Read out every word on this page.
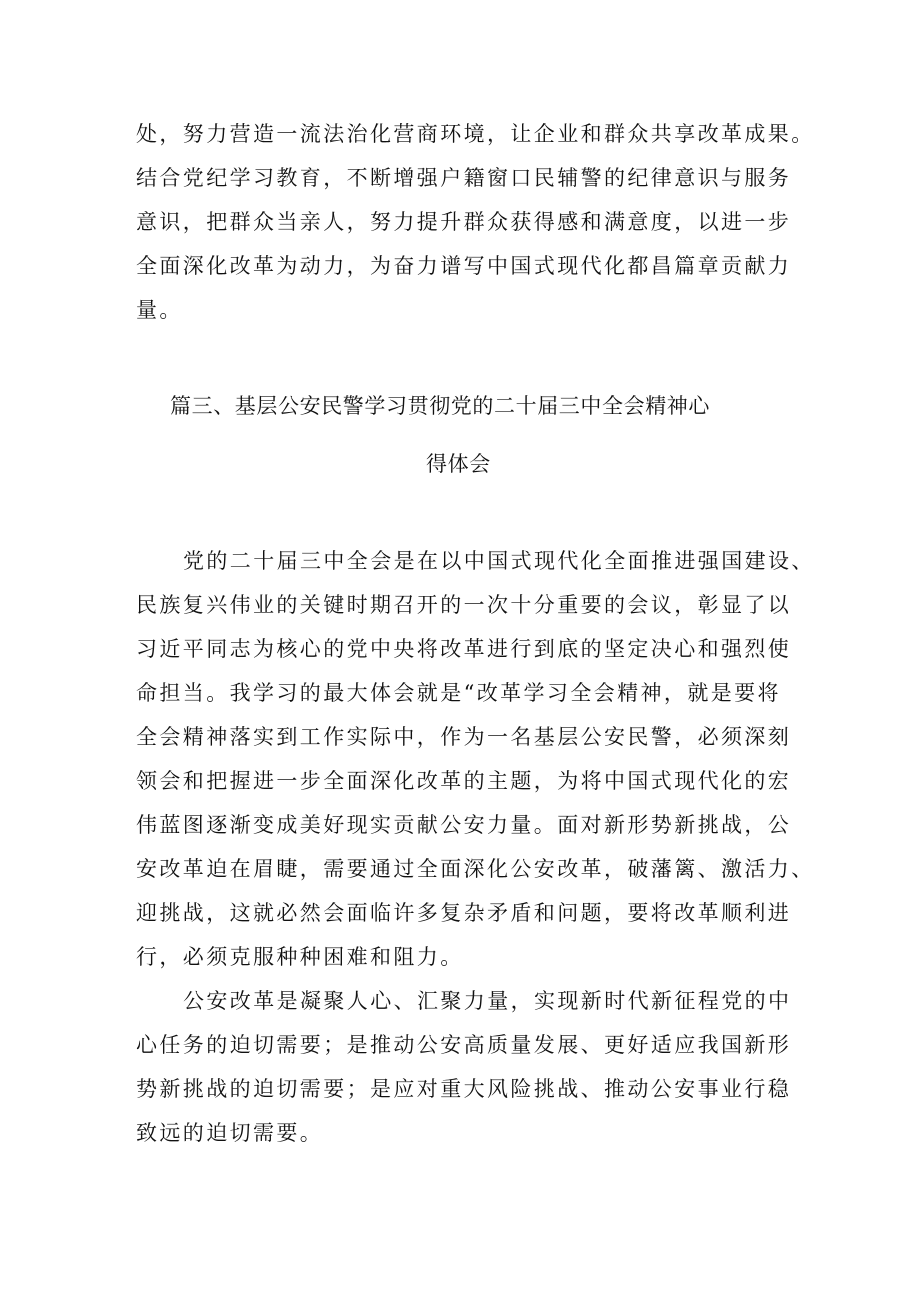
处，努力营造一流法治化营商环境，让企业和群众共享改革成果。
结合党纪学习教育，不断增强户籍窗口民辅警的纪律意识与服务
意识，把群众当亲人，努力提升群众获得感和满意度，以进一步
全面深化改革为动力，为奋力谱写中国式现代化都昌篇章贡献力
量。
篇三、基层公安民警学习贯彻党的二十届三中全会精神心
得体会
党的二十届三中全会是在以中国式现代化全面推进强国建设、
民族复兴伟业的关键时期召开的一次十分重要的会议，彰显了以
习近平同志为核心的党中央将改革进行到底的坚定决心和强烈使
命担当。我学习的最大体会就是“改革学习全会精神，就是要将
全会精神落实到工作实际中，作为一名基层公安民警，必须深刻
领会和把握进一步全面深化改革的主题，为将中国式现代化的宏
伟蓝图逐渐变成美好现实贡献公安力量。面对新形势新挑战，公
安改革迫在眉睫，需要通过全面深化公安改革，破藩篱、激活力、
迎挑战，这就必然会面临许多复杂矛盾和问题，要将改革顺利进
行，必须克服种种困难和阻力。
公安改革是凝聚人心、汇聚力量，实现新时代新征程党的中
心任务的迫切需要；是推动公安高质量发展、更好适应我国新形
势新挑战的迫切需要；是应对重大风险挑战、推动公安事业行稳
致远的迫切需要。
